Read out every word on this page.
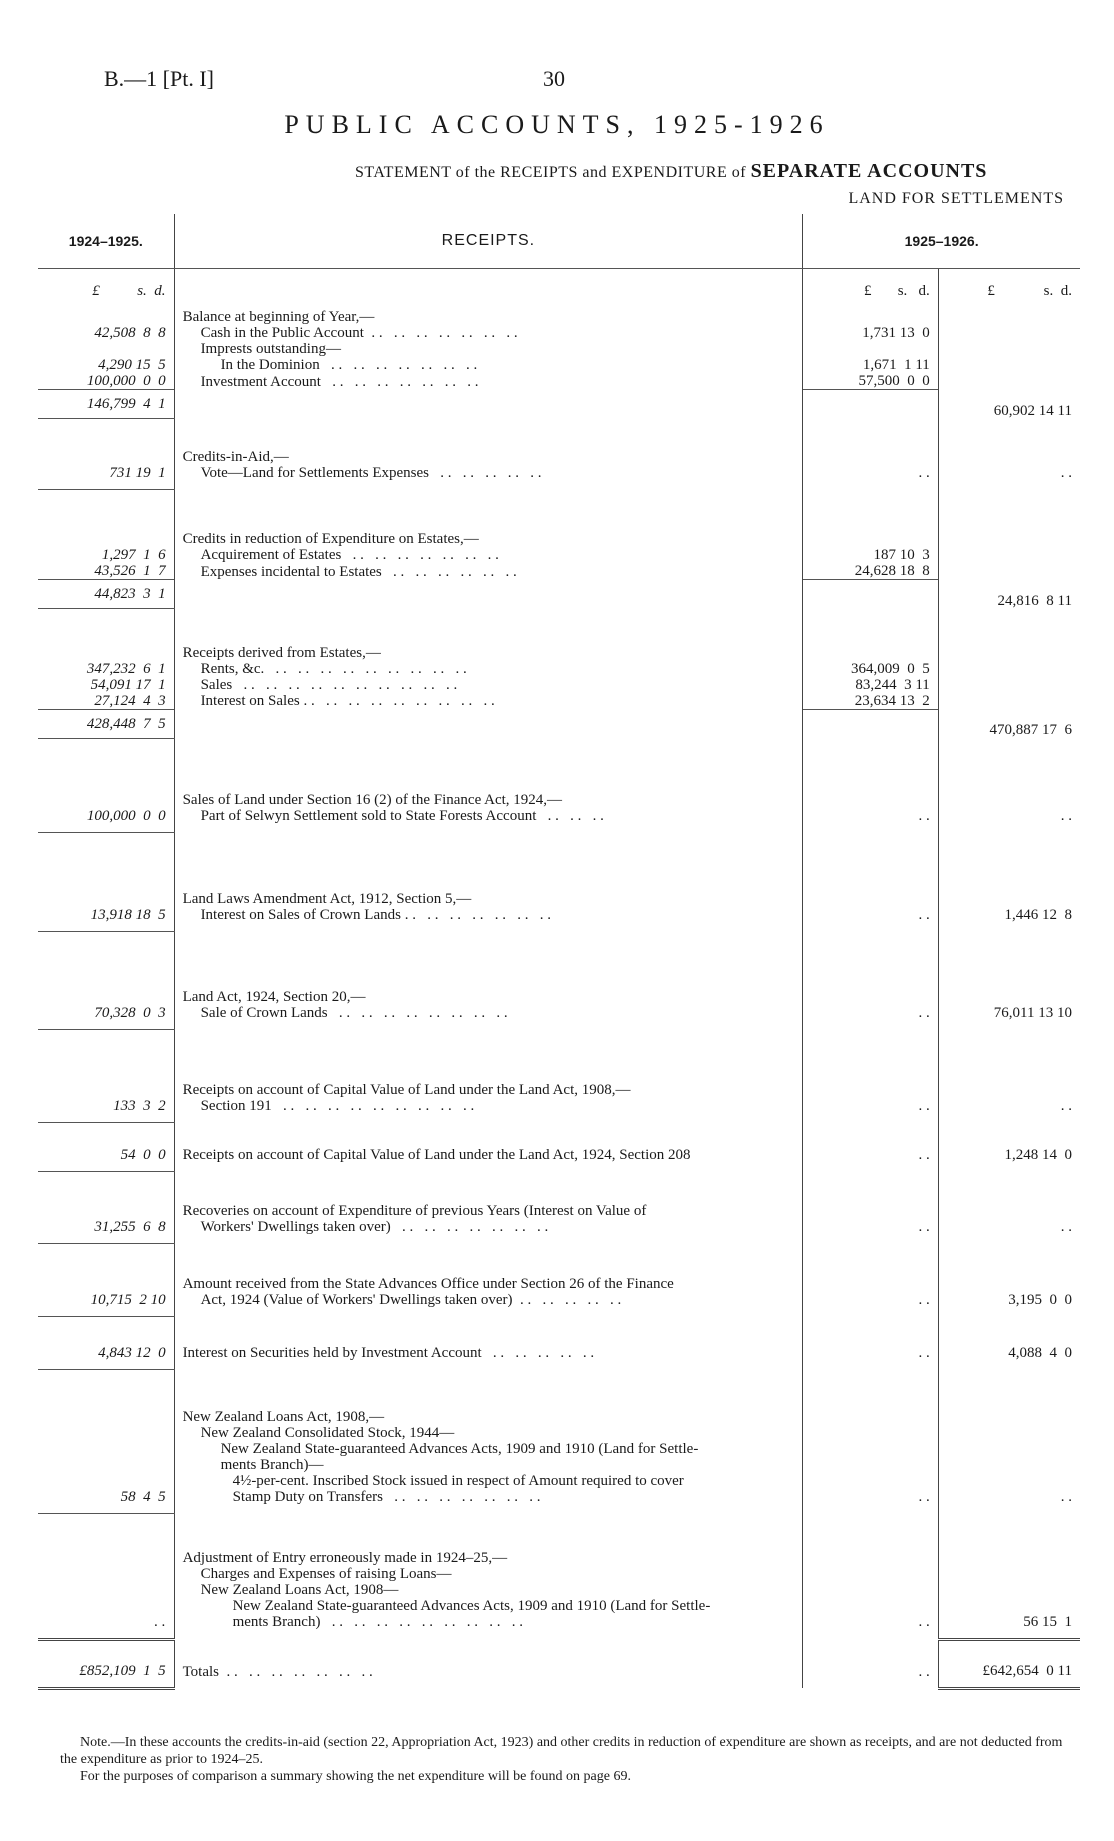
B.—1 [Pt. I]	30
PUBLIC ACCOUNTS, 1925-1926
STATEMENT of the RECEIPTS and EXPENDITURE of SEPARATE ACCOUNTS
LAND FOR SETTLEMENTS
1924–1925.	RECEIPTS.	1925–1926.	
£          s.  d.		£       s.   d.	£             s.  d.
	Balance at beginning of Year,—		
42,508  8  8	Cash in the Public Account  . .   . .   . .   . .   . .   . .   . .	1,731 13  0	
	Imprests outstanding—		
4,290 15  5	In the Dominion   . .   . .   . .   . .   . .   . .   . .	1,671  1 11	
100,000  0  0	Investment Account   . .   . .   . .   . .   . .   . .   . .	57,500  0  0	
146,799  4  1			60,902 14 11
	Credits-in-Aid,—		
731 19  1	Vote—Land for Settlements Expenses   . .   . .   . .   . .   . .	. .	. .

	Credits in reduction of Expenditure on Estates,—		
1,297  1  6	Acquirement of Estates   . .   . .   . .   . .   . .   . .   . .	187 10  3	
43,526  1  7	Expenses incidental to Estates   . .   . .   . .   . .   . .   . .	24,628 18  8	
44,823  3  1			24,816  8 11
	Receipts derived from Estates,—		
347,232  6  1	Rents, &c.   . .   . .   . .   . .   . .   . .   . .   . .   . .	364,009  0  5	
54,091 17  1	Sales   . .   . .   . .   . .   . .   . .   . .   . .   . .   . .	83,244  3 11	
27,124  4  3	Interest on Sales . .   . .   . .   . .   . .   . .   . .   . .   . .	23,634 13  2	
428,448  7  5			470,887 17  6
	Sales of Land under Section 16 (2) of the Finance Act, 1924,—		
100,000  0  0	Part of Selwyn Settlement sold to State Forests Account   . .   . .   . .	. .	. .

	Land Laws Amendment Act, 1912, Section 5,—		
13,918 18  5	Interest on Sales of Crown Lands . .   . .   . .   . .   . .   . .   . .	. .	1,446 12  8

	Land Act, 1924, Section 20,—		
70,328  0  3	Sale of Crown Lands   . .   . .   . .   . .   . .   . .   . .   . .	. .	76,011 13 10

	Receipts on account of Capital Value of Land under the Land Act, 1908,—		
133  3  2	Section 191   . .   . .   . .   . .   . .   . .   . .   . .   . .	. .	. .

54  0  0	Receipts on account of Capital Value of Land under the Land Act, 1924, Section 208	. .	1,248 14  0

	Recoveries on account of Expenditure of previous Years (Interest on Value of		
31,255  6  8	Workers' Dwellings taken over)   . .   . .   . .   . .   . .   . .   . .	. .	. .

	Amount received from the State Advances Office under Section 26 of the Finance		
10,715  2 10	Act, 1924 (Value of Workers' Dwellings taken over)  . .   . .   . .   . .   . .	. .	3,195  0  0

4,843 12  0	Interest on Securities held by Investment Account   . .   . .   . .   . .   . .	. .	4,088  4  0

	New Zealand Loans Act, 1908,—		
	New Zealand Consolidated Stock, 1944—		
	New Zealand State-guaranteed Advances Acts, 1909 and 1910 (Land for Settle-		
	ments Branch)—		
	4½-per-cent. Inscribed Stock issued in respect of Amount required to cover		
58  4  5	Stamp Duty on Transfers   . .   . .   . .   . .   . .   . .   . .	. .	. .

	Adjustment of Entry erroneously made in 1924–25,—		
	Charges and Expenses of raising Loans—		
	New Zealand Loans Act, 1908—		
	New Zealand State-guaranteed Advances Acts, 1909 and 1910 (Land for Settle-		
. .	ments Branch)   . .   . .   . .   . .   . .   . .   . .   . .   . .	. .	56 15  1

£852,109  1  5	Totals  . .   . .   . .   . .   . .   . .   . .	. .	£642,654  0 11

Note.—In these accounts the credits-in-aid (section 22, Appropriation Act, 1923) and other credits in reduction of expenditure are shown as receipts, and are not deducted from the expenditure as prior to 1924–25.

For the purposes of comparison a summary showing the net expenditure will be found on page 69.
